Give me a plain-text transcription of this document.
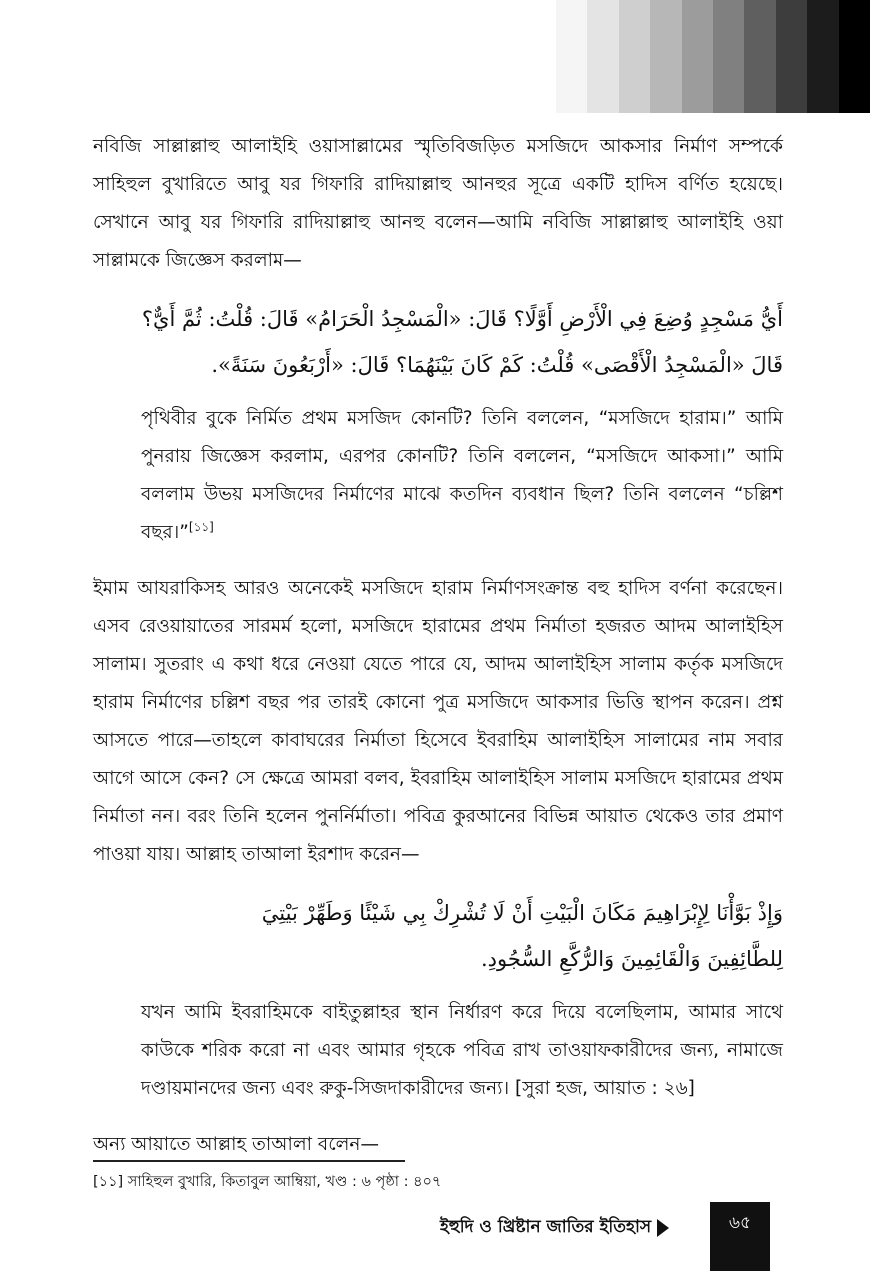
নবিজি সাল্লাল্লাহু আলাইহি ওয়াসাল্লামের স্মৃতিবিজড়িত মসজিদে আকসার নির্মাণ সম্পর্কে সাহিহুল বুখারিতে আবু যর গিফারি রাদিয়াল্লাহু আনহুর সূত্রে একটি হাদিস বর্ণিত হয়েছে। সেখানে আবু যর গিফারি রাদিয়াল্লাহু আনহু বলেন—আমি নবিজি সাল্লাল্লাহু আলাইহি ওয়া সাল্লামকে জিজ্ঞেস করলাম—

أَيُّ مَسْجِدٍ وُضِعَ فِي الْأَرْضِ أَوَّلًا؟ قَالَ: «الْمَسْجِدُ الْحَرَامُ» قَالَ: قُلْتُ: ثُمَّ أَيٌّ؟

قَالَ «الْمَسْجِدُ الْأَقْصَى» قُلْتُ: كَمْ كَانَ بَيْنَهُمَا؟ قَالَ: «أَرْبَعُونَ سَنَةً».

পৃথিবীর বুকে নির্মিত প্রথম মসজিদ কোনটি? তিনি বললেন, “মসজিদে হারাম।” আমি পুনরায় জিজ্ঞেস করলাম, এরপর কোনটি? তিনি বললেন, “মসজিদে আকসা।” আমি বললাম উভয় মসজিদের নির্মাণের মাঝে কতদিন ব্যবধান ছিল? তিনি বললেন “চল্লিশ বছর।”[১১]

ইমাম আযরাকিসহ আরও অনেকেই মসজিদে হারাম নির্মাণসংক্রান্ত বহু হাদিস বর্ণনা করেছেন। এসব রেওয়ায়াতের সারমর্ম হলো, মসজিদে হারামের প্রথম নির্মাতা হজরত আদম আলাইহিস সালাম। সুতরাং এ কথা ধরে নেওয়া যেতে পারে যে, আদম আলাইহিস সালাম কর্তৃক মসজিদে হারাম নির্মাণের চল্লিশ বছর পর তারই কোনো পুত্র মসজিদে আকসার ভিত্তি স্থাপন করেন। প্রশ্ন আসতে পারে—তাহলে কাবাঘরের নির্মাতা হিসেবে ইবরাহিম আলাইহিস সালামের নাম সবার আগে আসে কেন? সে ক্ষেত্রে আমরা বলব, ইবরাহিম আলাইহিস সালাম মসজিদে হারামের প্রথম নির্মাতা নন। বরং তিনি হলেন পুনর্নির্মাতা। পবিত্র কুরআনের বিভিন্ন আয়াত থেকেও তার প্রমাণ পাওয়া যায়। আল্লাহ তাআলা ইরশাদ করেন—

وَإِذْ بَوَّأْنَا لِإِبْرَاهِيمَ مَكَانَ الْبَيْتِ أَنْ لَا تُشْرِكْ بِي شَيْئًا وَطَهِّرْ بَيْتِيَ

لِلطَّائِفِينَ وَالْقَائِمِينَ وَالرُّكَّعِ السُّجُودِ.

যখন আমি ইবরাহিমকে বাইতুল্লাহর স্থান নির্ধারণ করে দিয়ে বলেছিলাম, আমার সাথে কাউকে শরিক করো না এবং আমার গৃহকে পবিত্র রাখ তাওয়াফকারীদের জন্য, নামাজে দণ্ডায়মানদের জন্য এবং রুকু-সিজদাকারীদের জন্য। [সুরা হজ, আয়াত : ২৬]

অন্য আয়াতে আল্লাহ তাআলা বলেন—

[১১] সাহিহুল বুখারি, কিতাবুল আম্বিয়া, খণ্ড : ৬ পৃষ্ঠা : ৪০৭

ইহুদি ও খ্রিষ্টান জাতির ইতিহাস	৬৫
